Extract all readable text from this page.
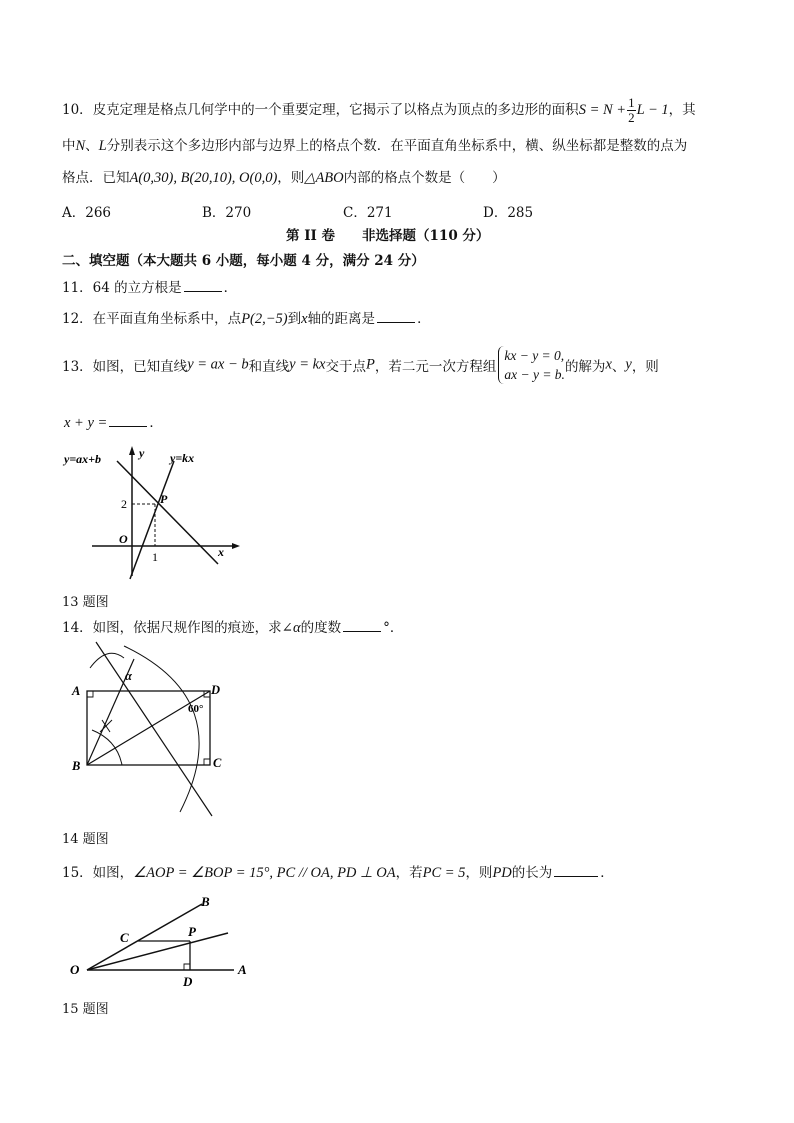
10．皮克定理是格点几何学中的一个重要定理，它揭示了以格点为顶点的多边形的面积$S = N + \frac{1}{2}$ L − 1，其
中N、L分别表示这个多边形内部与边界上的格点个数．在平面直角坐标系中，横、纵坐标都是整数的点为
格点．已知A(0,30), B(20,10), O(0,0)，则△ABO内部的格点个数是（　　）
A．266	B．270	C．271	D．285
第 II 卷　　非选择题（110 分）
二、填空题（本大题共 6 小题，每小题 4 分，满分 24 分）
11．64 的立方根是	．
12．在平面直角坐标系中，点P(2,−5)到x轴的距离是	．
13．如图，已知直线y = ax − b和直线y = kx交于点P，若二元一次方程组
kx − y = 0,
ax − y = b. 的解为x、y，则
x + y =	．
y=ax+b	y=kx
y
x
O
P
2
1
13 题图
14．如图，依据尺规作图的痕迹，求∠α的度数	°．
A
B	C
D
α
60°
14 题图
15．如图，∠AOP = ∠BOP = 15°, PC // OA, PD ⊥ OA，若PC = 5，则PD的长为	．
O	A
B
C	P
D
15 题图
